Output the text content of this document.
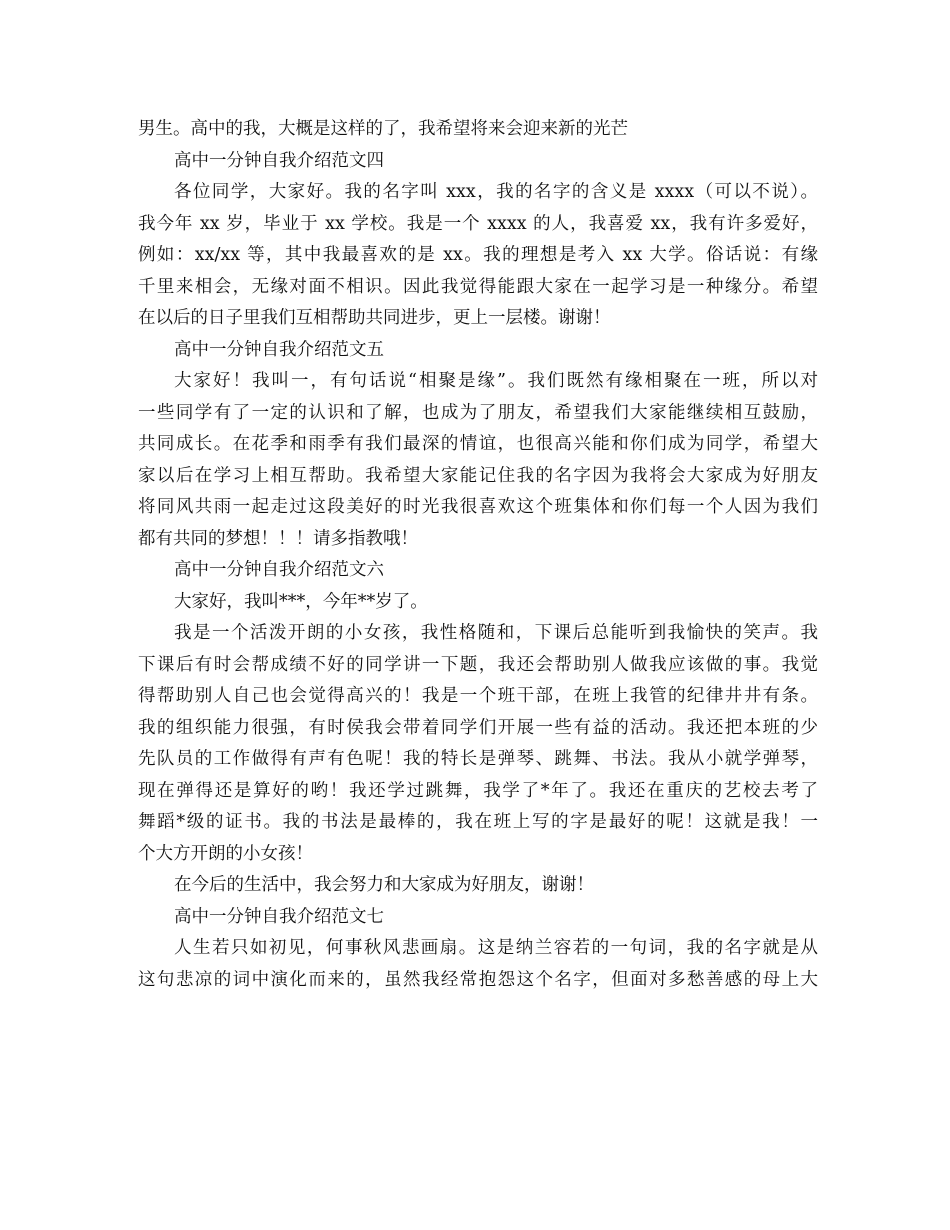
男生。高中的我，大概是这样的了，我希望将来会迎来新的光芒
高中一分钟自我介绍范文四
各位同学，大家好。我的名字叫 xxx，我的名字的含义是 xxxx（可以不说）。
我今年 xx 岁，毕业于 xx 学校。我是一个 xxxx 的人，我喜爱 xx，我有许多爱好，
例如：xx/xx 等，其中我最喜欢的是 xx。我的理想是考入 xx 大学。俗话说：有缘
千里来相会，无缘对面不相识。因此我觉得能跟大家在一起学习是一种缘分。希望
在以后的日子里我们互相帮助共同进步，更上一层楼。谢谢！
高中一分钟自我介绍范文五
大家好！我叫一，有句话说“相聚是缘”。我们既然有缘相聚在一班，所以对
一些同学有了一定的认识和了解，也成为了朋友，希望我们大家能继续相互鼓励，
共同成长。在花季和雨季有我们最深的情谊，也很高兴能和你们成为同学，希望大
家以后在学习上相互帮助。我希望大家能记住我的名字因为我将会大家成为好朋友
将同风共雨一起走过这段美好的时光我很喜欢这个班集体和你们每一个人因为我们
都有共同的梦想！！！请多指教哦！
高中一分钟自我介绍范文六
大家好，我叫***，今年**岁了。
我是一个活泼开朗的小女孩，我性格随和，下课后总能听到我愉快的笑声。我
下课后有时会帮成绩不好的同学讲一下题，我还会帮助别人做我应该做的事。我觉
得帮助别人自己也会觉得高兴的！我是一个班干部，在班上我管的纪律井井有条。
我的组织能力很强，有时侯我会带着同学们开展一些有益的活动。我还把本班的少
先队员的工作做得有声有色呢！我的特长是弹琴、跳舞、书法。我从小就学弹琴，
现在弹得还是算好的哟！我还学过跳舞，我学了*年了。我还在重庆的艺校去考了
舞蹈*级的证书。我的书法是最棒的，我在班上写的字是最好的呢！这就是我！一
个大方开朗的小女孩！
在今后的生活中，我会努力和大家成为好朋友，谢谢！
高中一分钟自我介绍范文七
人生若只如初见，何事秋风悲画扇。这是纳兰容若的一句词，我的名字就是从
这句悲凉的词中演化而来的，虽然我经常抱怨这个名字，但面对多愁善感的母上大
